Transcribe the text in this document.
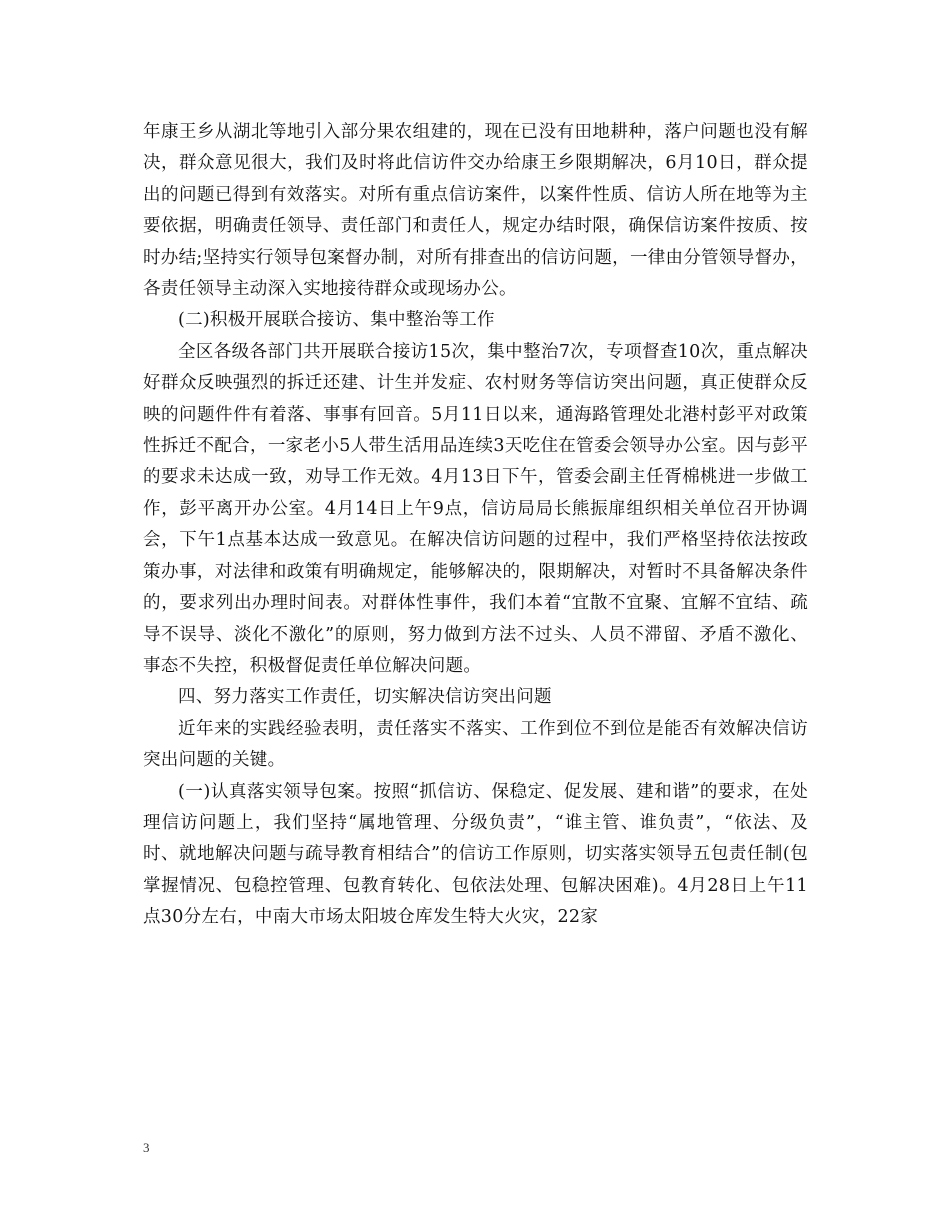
年康王乡从湖北等地引入部分果农组建的，现在已没有田地耕种，落户问题也没有解决，群众意见很大，我们及时将此信访件交办给康王乡限期解决，6月10日，群众提出的问题已得到有效落实。对所有重点信访案件，以案件性质、信访人所在地等为主要依据，明确责任领导、责任部门和责任人，规定办结时限，确保信访案件按质、按时办结;坚持实行领导包案督办制，对所有排查出的信访问题，一律由分管领导督办，各责任领导主动深入实地接待群众或现场办公。

(二)积极开展联合接访、集中整治等工作

全区各级各部门共开展联合接访15次，集中整治7次，专项督查10次，重点解决好群众反映强烈的拆迁还建、计生并发症、农村财务等信访突出问题，真正使群众反映的问题件件有着落、事事有回音。5月11日以来，通海路管理处北港村彭平对政策性拆迁不配合，一家老小5人带生活用品连续3天吃住在管委会领导办公室。因与彭平的要求未达成一致，劝导工作无效。4月13日下午，管委会副主任胥棉桃进一步做工作，彭平离开办公室。4月14日上午9点，信访局局长熊振扉组织相关单位召开协调会，下午1点基本达成一致意见。在解决信访问题的过程中，我们严格坚持依法按政策办事，对法律和政策有明确规定，能够解决的，限期解决，对暂时不具备解决条件的，要求列出办理时间表。对群体性事件，我们本着“宜散不宜聚、宜解不宜结、疏导不误导、淡化不激化”的原则，努力做到方法不过头、人员不滞留、矛盾不激化、事态不失控，积极督促责任单位解决问题。

四、努力落实工作责任，切实解决信访突出问题

近年来的实践经验表明，责任落实不落实、工作到位不到位是能否有效解决信访突出问题的关键。

(一)认真落实领导包案。按照“抓信访、保稳定、促发展、建和谐”的要求，在处理信访问题上，我们坚持“属地管理、分级负责”，“谁主管、谁负责”，“依法、及时、就地解决问题与疏导教育相结合”的信访工作原则，切实落实领导五包责任制(包掌握情况、包稳控管理、包教育转化、包依法处理、包解决困难)。4月28日上午11点30分左右，中南大市场太阳坡仓库发生特大火灾，22家

3
